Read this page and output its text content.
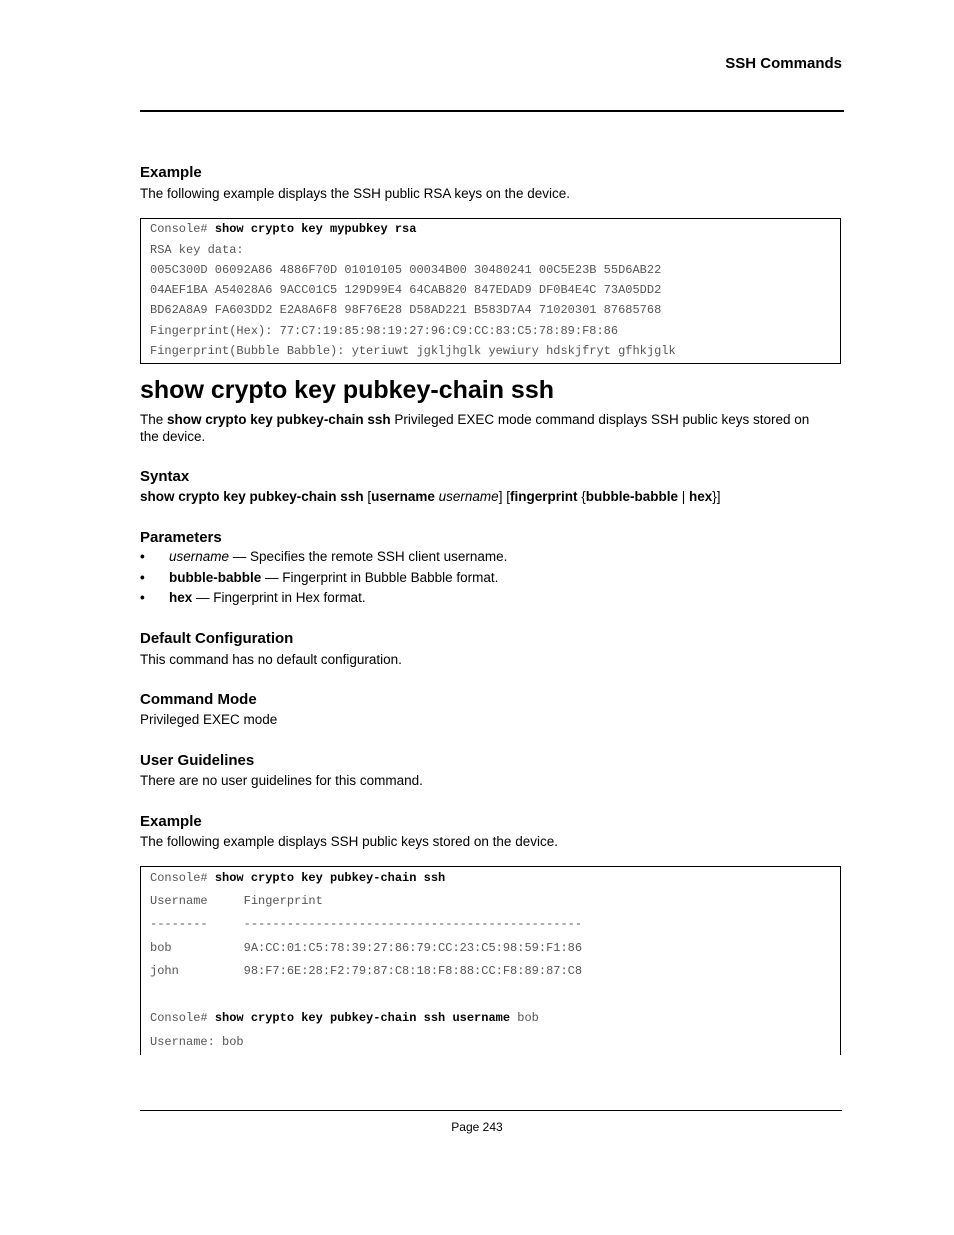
SSH Commands
Example
The following example displays the SSH public RSA keys on the device.
Console# show crypto key mypubkey rsa
RSA key data:
005C300D 06092A86 4886F70D 01010105 00034B00 30480241 00C5E23B 55D6AB22
04AEF1BA A54028A6 9ACC01C5 129D99E4 64CAB820 847EDAD9 DF0B4E4C 73A05DD2
BD62A8A9 FA603DD2 E2A8A6F8 98F76E28 D58AD221 B583D7A4 71020301 87685768
Fingerprint(Hex): 77:C7:19:85:98:19:27:96:C9:CC:83:C5:78:89:F8:86
Fingerprint(Bubble Babble): yteriuwt jgkljhglk yewiury hdskjfryt gfhkjglk
show crypto key pubkey-chain ssh
The show crypto key pubkey-chain ssh Privileged EXEC mode command displays SSH public keys stored on
the device.
Syntax
show crypto key pubkey-chain ssh [username username] [fingerprint {bubble-babble | hex}]
Parameters
• username — Specifies the remote SSH client username.
• bubble-babble — Fingerprint in Bubble Babble format.
• hex — Fingerprint in Hex format.
Default Configuration
This command has no default configuration.
Command Mode
Privileged EXEC mode
User Guidelines
There are no user guidelines for this command.
Example
The following example displays SSH public keys stored on the device.
Console# show crypto key pubkey-chain ssh
Username     Fingerprint
--------     -----------------------------------------------
bob          9A:CC:01:C5:78:39:27:86:79:CC:23:C5:98:59:F1:86
john         98:F7:6E:28:F2:79:87:C8:18:F8:88:CC:F8:89:87:C8
Console# show crypto key pubkey-chain ssh username bob
Username: bob
Page 243
